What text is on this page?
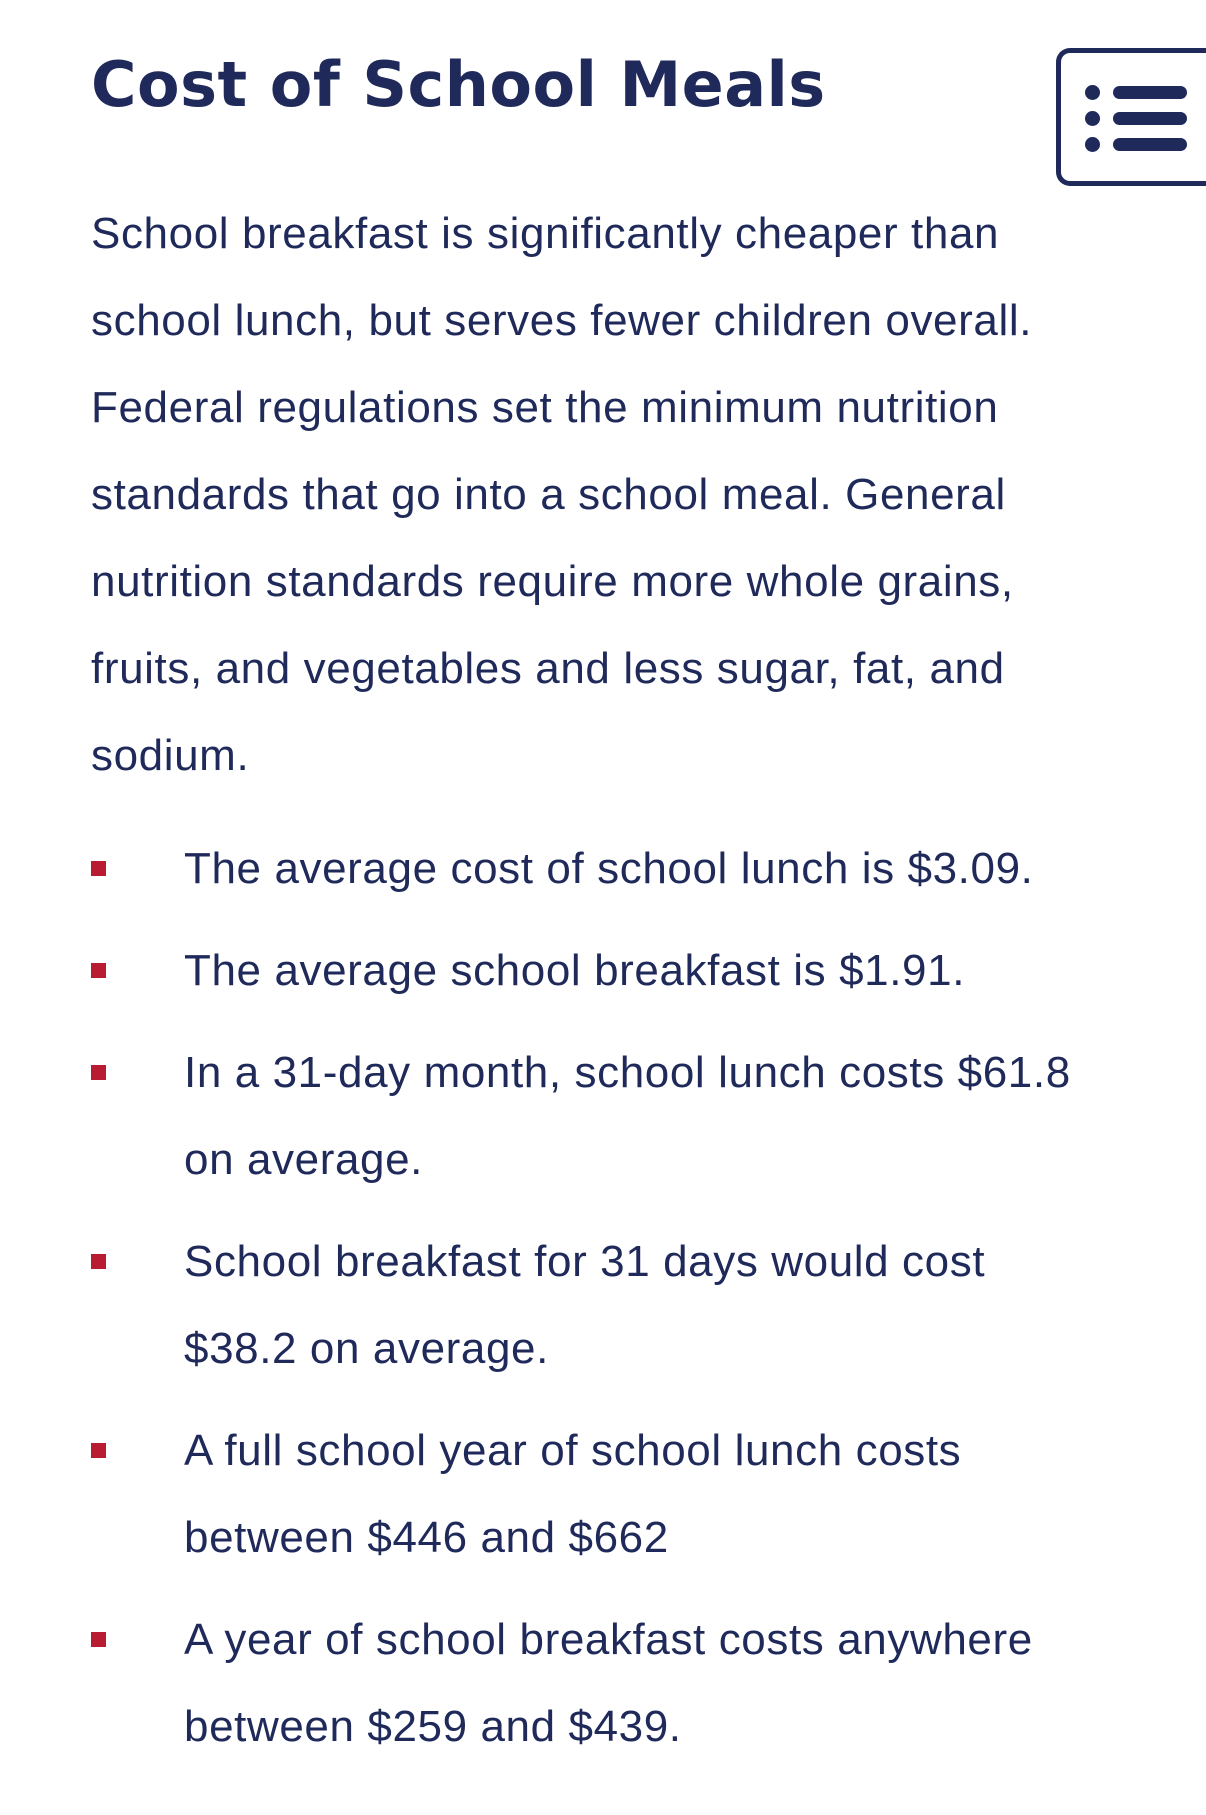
Cost of School Meals

School breakfast is significantly cheaper than school lunch, but serves fewer children overall. Federal regulations set the minimum nutrition standards that go into a school meal. General nutrition standards require more whole grains, fruits, and vegetables and less sugar, fat, and sodium.

The average cost of school lunch is $3.09.
The average school breakfast is $1.91.
In a 31-day month, school lunch costs $61.8 on average.
School breakfast for 31 days would cost $38.2 on average.
A full school year of school lunch costs between $446 and $662
A year of school breakfast costs anywhere between $259 and $439.
